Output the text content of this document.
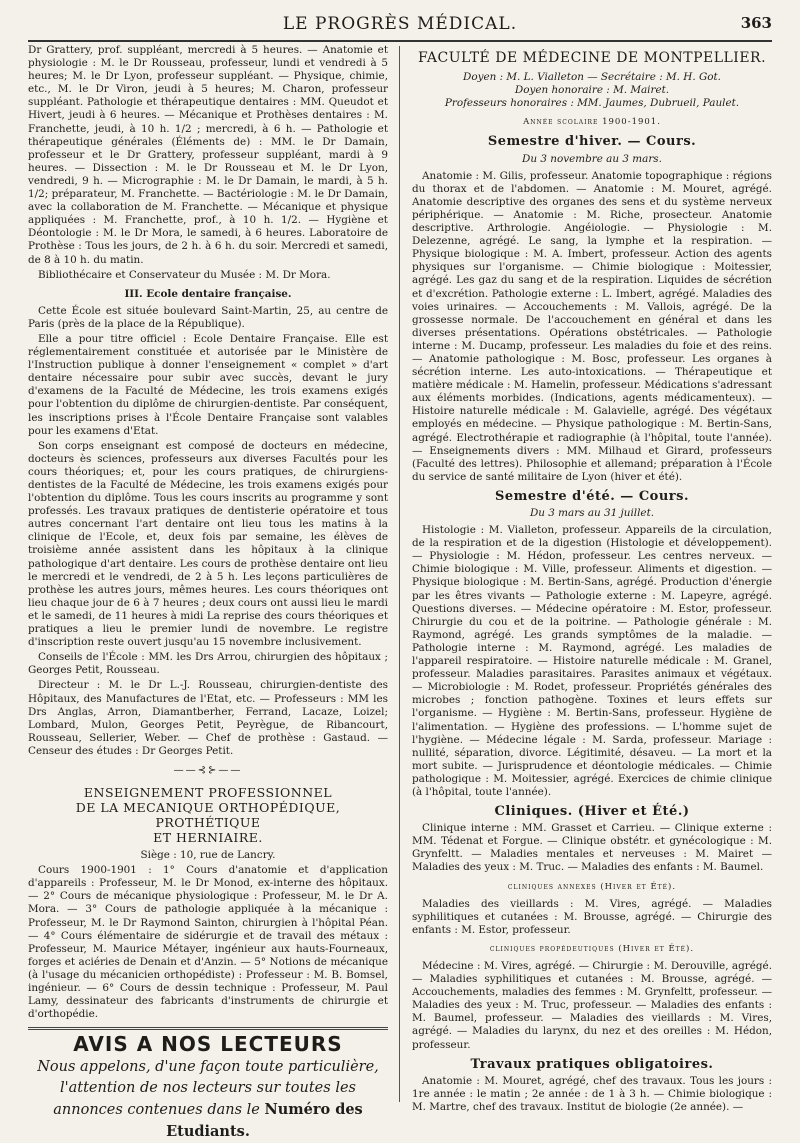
LE PROGRÈS MÉDICAL.	363

Dr Grattery, prof. suppléant, mercredi à 5 heures. — Anatomie et physiologie : M. le Dr Rousseau, professeur, lundi et vendredi à 5 heures; M. le Dr Lyon, professeur suppléant. — Physique, chimie, etc., M. le Dr Viron, jeudi à 5 heures; M. Charon, professeur suppléant. Pathologie et thérapeutique dentaires : MM. Queudot et Hivert, jeudi à 6 heures. — Mécanique et Prothèses dentaires : M. Franchette, jeudi, à 10 h. 1/2 ; mercredi, à 6 h. — Pathologie et thérapeutique générales (Éléments de) : MM. le Dr Damain, professeur et le Dr Grattery, professeur suppléant, mardi à 9 heures. — Dissection : M. le Dr Rousseau et M. le Dr Lyon, vendredi, 9 h. — Micrographie : M. le Dr Damain, le mardi, à 5 h. 1/2; préparateur, M. Franchette. — Bactériologie : M. le Dr Damain, avec la collaboration de M. Franchette. — Mécanique et physique appliquées : M. Franchette, prof., à 10 h. 1/2. — Hygiène et Déontologie : M. le Dr Mora, le samedi, à 6 heures. Laboratoire de Prothèse : Tous les jours, de 2 h. à 6 h. du soir. Mercredi et samedi, de 8 à 10 h. du matin.

Bibliothécaire et Conservateur du Musée : M. Dr Mora.

III. Ecole dentaire française.

Cette École est située boulevard Saint-Martin, 25, au centre de Paris (près de la place de la République).

Elle a pour titre officiel : Ecole Dentaire Française. Elle est réglementairement constituée et autorisée par le Ministère de l'Instruction publique à donner l'enseignement « complet » d'art dentaire nécessaire pour subir avec succès, devant le jury d'examens de la Faculté de Médecine, les trois examens exigés pour l'obtention du diplôme de chirurgien-dentiste. Par conséquent, les inscriptions prises à l'École Dentaire Française sont valables pour les examens d'Etat.

Son corps enseignant est composé de docteurs en médecine, docteurs ès sciences, professeurs aux diverses Facultés pour les cours théoriques; et, pour les cours pratiques, de chirurgiens-dentistes de la Faculté de Médecine, les trois examens exigés pour l'obtention du diplôme. Tous les cours inscrits au programme y sont professés. Les travaux pratiques de dentisterie opératoire et tous autres concernant l'art dentaire ont lieu tous les matins à la clinique de l'Ecole, et, deux fois par semaine, les élèves de troisième année assistent dans les hôpitaux à la clinique pathologique d'art dentaire. Les cours de prothèse dentaire ont lieu le mercredi et le vendredi, de 2 à 5 h. Les leçons particulières de prothèse les autres jours, mêmes heures. Les cours théoriques ont lieu chaque jour de 6 à 7 heures ; deux cours ont aussi lieu le mardi et le samedi, de 11 heures à midi La reprise des cours théoriques et pratiques a lieu le premier lundi de novembre. Le registre d'inscription reste ouvert jusqu'au 15 novembre inclusivement.

Conseils de l'École : MM. les Drs Arrou, chirurgien des hôpitaux ; Georges Petit, Rousseau.

Directeur : M. le Dr L.-J. Rousseau, chirurgien-dentiste des Hôpitaux, des Manufactures de l'Etat, etc. — Professeurs : MM les Drs Anglas, Arron, Diamantberher, Ferrand, Lacaze, Loizel; Lombard, Mulon, Georges Petit, Peyrègue, de Ribancourt, Rousseau, Sellerier, Weber. — Chef de prothèse : Gastaud. — Censeur des études : Dr Georges Petit.

——⊰⊱——
ENSEIGNEMENT PROFESSIONNEL
DE LA MECANIQUE ORTHOPÉDIQUE, PROTHÉTIQUE
ET HERNIAIRE.
Siège : 10, rue de Lancry.

Cours 1900-1901 : 1° Cours d'anatomie et d'application d'appareils : Professeur, M. le Dr Monod, ex-interne des hôpitaux. — 2° Cours de mécanique physiologique : Professeur, M. le Dr A. Mora. — 3° Cours de pathologie appliquée à la mécanique : Professeur, M. le Dr Raymond Sainton, chirurgien à l'hôpital Péan. — 4° Cours élémentaire de sidérurgie et de travail des métaux : Professeur, M. Maurice Métayer, ingénieur aux hauts-Fourneaux, forges et aciéries de Denain et d'Anzin. — 5° Notions de mécanique (à l'usage du mécanicien orthopédiste) : Professeur : M. B. Bomsel, ingénieur. — 6° Cours de dessin technique : Professeur, M. Paul Lamy, dessinateur des fabricants d'instruments de chirurgie et d'orthopédie.

AVIS A NOS LECTEURS

Nous appelons, d'une façon toute particulière, l'attention de nos lecteurs sur toutes les annonces contenues dans le Numéro des Etudiants.

FACULTÉ DE MÉDECINE DE MONTPELLIER.
Doyen : M. L. Vialleton — Secrétaire : M. H. Got.
Doyen honoraire : M. Mairet.
Professeurs honoraires : MM. Jaumes, Dubrueil, Paulet.
Année scolaire 1900-1901.
Semestre d'hiver. — Cours.
Du 3 novembre au 3 mars.

Anatomie : M. Gilis, professeur. Anatomie topographique : régions du thorax et de l'abdomen. — Anatomie : M. Mouret, agrégé. Anatomie descriptive des organes des sens et du système nerveux périphérique. — Anatomie : M. Riche, prosecteur. Anatomie descriptive. Arthrologie. Angéiologie. — Physiologie : M. Delezenne, agrégé. Le sang, la lymphe et la respiration. — Physique biologique : M. A. Imbert, professeur. Action des agents physiques sur l'organisme. — Chimie biologique : Moitessier, agrégé. Les gaz du sang et de la respiration. Liquides de sécrétion et d'excrétion. Pathologie externe : L. Imbert, agrégé. Maladies des voies urinaires. — Accouchements : M. Vallois, agrégé. De la grossesse normale. De l'accouchement en général et dans les diverses présentations. Opérations obstétricales. — Pathologie interne : M. Ducamp, professeur. Les maladies du foie et des reins. — Anatomie pathologique : M. Bosc, professeur. Les organes à sécrétion interne. Les auto-intoxications. — Thérapeutique et matière médicale : M. Hamelin, professeur. Médications s'adressant aux éléments morbides. (Indications, agents médicamenteux). — Histoire naturelle médicale : M. Galavielle, agrégé. Des végétaux employés en médecine. — Physique pathologique : M. Bertin-Sans, agrégé. Electrothérapie et radiographie (à l'hôpital, toute l'année). — Enseignements divers : MM. Milhaud et Girard, professeurs (Faculté des lettres). Philosophie et allemand; préparation à l'École du service de santé militaire de Lyon (hiver et été).

Semestre d'été. — Cours.
Du 3 mars au 31 juillet.

Histologie : M. Vialleton, professeur. Appareils de la circulation, de la respiration et de la digestion (Histologie et développement). — Physiologie : M. Hédon, professeur. Les centres nerveux. — Chimie biologique : M. Ville, professeur. Aliments et digestion. — Physique biologique : M. Bertin-Sans, agrégé. Production d'énergie par les êtres vivants — Pathologie externe : M. Lapeyre, agrégé. Questions diverses. — Médecine opératoire : M. Estor, professeur. Chirurgie du cou et de la poitrine. — Pathologie générale : M. Raymond, agrégé. Les grands symptômes de la maladie. — Pathologie interne : M. Raymond, agrégé. Les maladies de l'appareil respiratoire. — Histoire naturelle médicale : M. Granel, professeur. Maladies parasitaires. Parasites animaux et végétaux. — Microbiologie : M. Rodet, professeur. Propriétés générales des microbes ; fonction pathogène. Toxines et leurs effets sur l'organisme. — Hygiène : M. Bertin-Sans, professeur. Hygiène de l'alimentation. — Hygiène des professions. — L'homme sujet de l'hygiène. — Médecine légale : M. Sarda, professeur. Mariage : nullité, séparation, divorce. Légitimité, désaveu. — La mort et la mort subite. — Jurisprudence et déontologie médicales. — Chimie pathologique : M. Moitessier, agrégé. Exercices de chimie clinique (à l'hôpital, toute l'année).

Cliniques. (Hiver et Été.)

Clinique interne : MM. Grasset et Carrieu. — Clinique externe : MM. Tédenat et Forgue. — Clinique obstétr. et gynécologique : M. Grynfeltt. — Maladies mentales et nerveuses : M. Mairet — Maladies des yeux : M. Truc. — Maladies des enfants : M. Baumel.

cliniques annexes (Hiver et Été).

Maladies des vieillards : M. Vires, agrégé. — Maladies syphilitiques et cutanées : M. Brousse, agrégé. — Chirurgie des enfants : M. Estor, professeur.

cliniques propédeutiques (Hiver et Été).

Médecine : M. Vires, agrégé. — Chirurgie : M. Derouville, agrégé. — Maladies syphilitiques et cutanées : M. Brousse, agrégé. — Accouchements, maladies des femmes : M. Grynfeltt, professeur. — Maladies des yeux : M. Truc, professeur. — Maladies des enfants : M. Baumel, professeur. — Maladies des vieillards : M. Vires, agrégé. — Maladies du larynx, du nez et des oreilles : M. Hédon, professeur.

Travaux pratiques obligatoires.

Anatomie : M. Mouret, agrégé, chef des travaux. Tous les jours : 1re année : le matin ; 2e année : de 1 à 3 h. — Chimie biologique : M. Martre, chef des travaux. Institut de biologie (2e année). —
